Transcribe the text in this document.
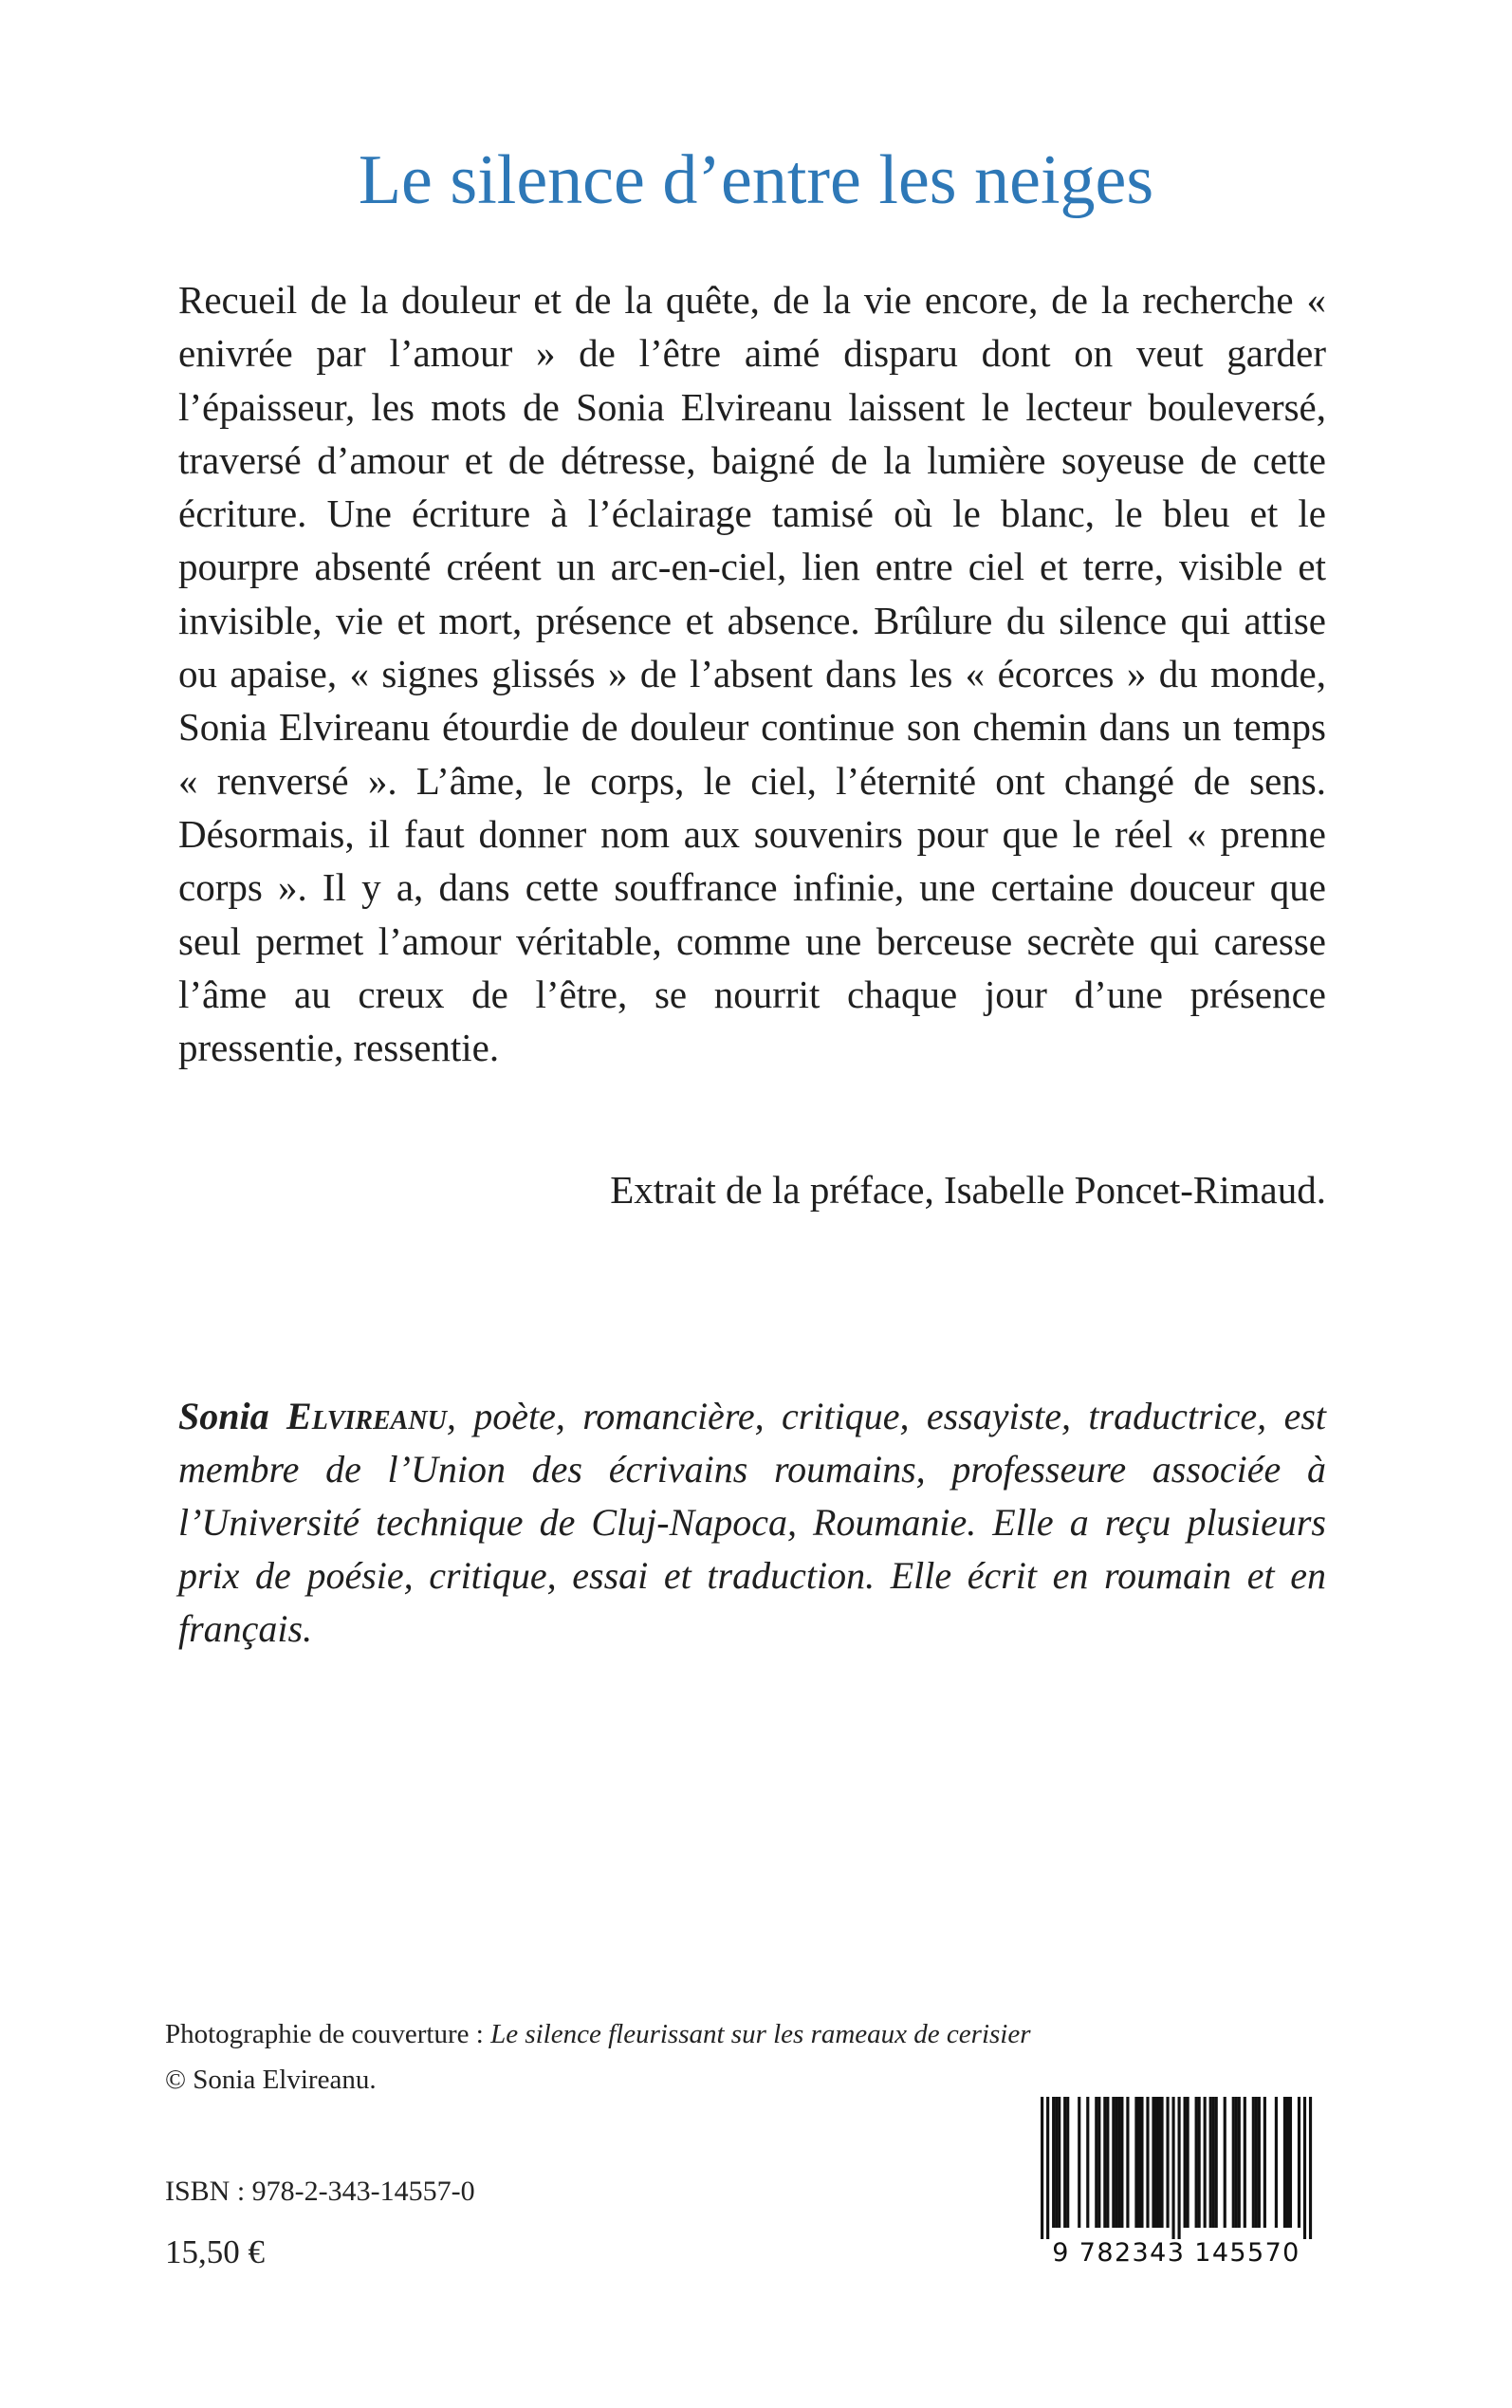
Le silence d’entre les neiges

Recueil de la douleur et de la quête, de la vie encore, de la recherche « enivrée par l’amour » de l’être aimé disparu dont on veut garder l’épaisseur, les mots de Sonia Elvireanu laissent le lecteur bouleversé, traversé d’amour et de détresse, baigné de la lumière soyeuse de cette écriture. Une écriture à l’éclairage tamisé où le blanc, le bleu et le pourpre absenté créent un arc-en-ciel, lien entre ciel et terre, visible et invisible, vie et mort, présence et absence. Brûlure du silence qui attise ou apaise, « signes glissés » de l’absent dans les « écorces » du monde, Sonia Elvireanu étourdie de douleur continue son chemin dans un temps « renversé ». L’âme, le corps, le ciel, l’éternité ont changé de sens. Désormais, il faut donner nom aux souvenirs pour que le réel « prenne corps ». Il y a, dans cette souffrance infinie, une certaine douceur que seul permet l’amour véritable, comme une berceuse secrète qui caresse l’âme au creux de l’être, se nourrit chaque jour d’une présence pressentie, ressentie.

Extrait de la préface, Isabelle Poncet-Rimaud.

Sonia Elvireanu, poète, romancière, critique, essayiste, traductrice, est membre de l’Union des écrivains roumains, professeure associée à l’Université technique de Cluj-Napoca, Roumanie. Elle a reçu plusieurs prix de poésie, critique, essai et traduction. Elle écrit en roumain et en français.

Photographie de couverture : Le silence fleurissant sur les rameaux de cerisier
© Sonia Elvireanu.

ISBN : 978-2-343-14557-0
15,50 €	9 782343 145570
